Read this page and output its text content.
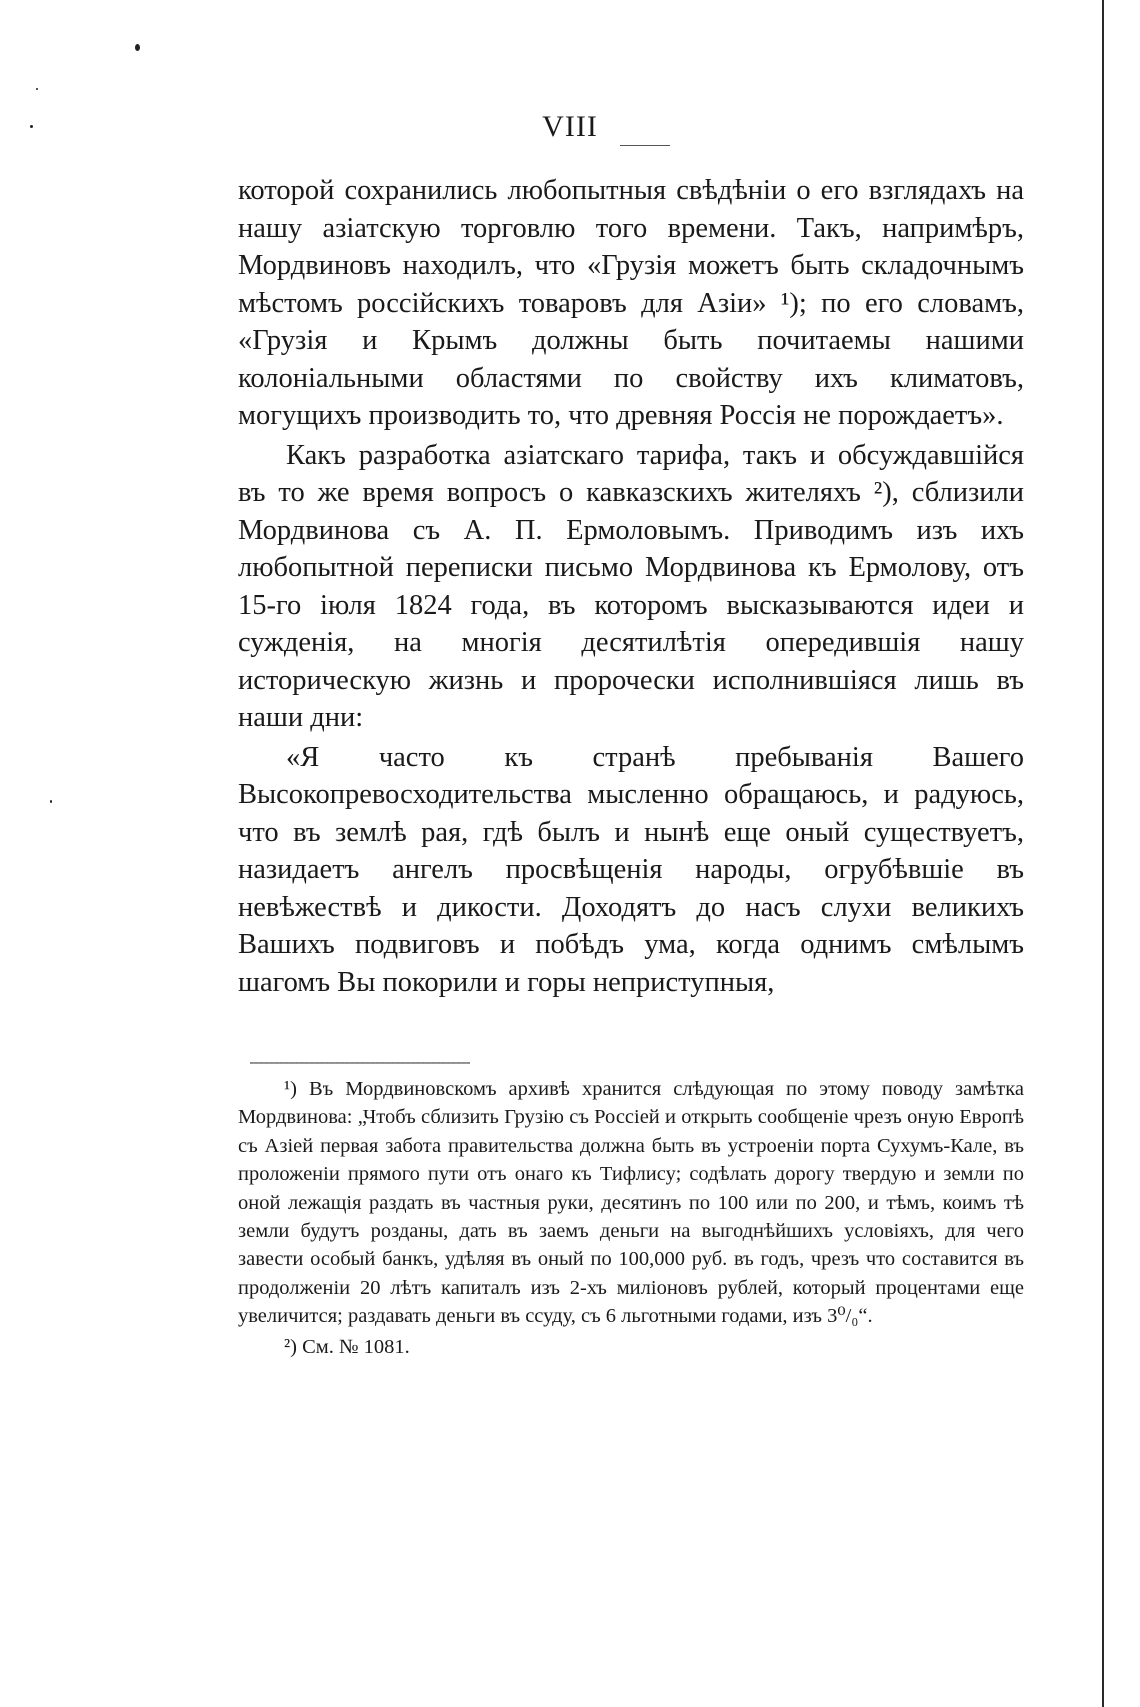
VIII

которой сохранились любопытныя свѣдѣнiи о его взглядахъ на нашу азiатскую торговлю того времени. Такъ, напримѣръ, Мордвиновъ находилъ, что «Грузiя можетъ быть складочнымъ мѣстомъ россiйскихъ товаровъ для Азiи» ¹); по его словамъ, «Грузiя и Крымъ должны быть почитаемы нашими колонiальными областями по свойству ихъ климатовъ, могущихъ производить то, что древняя Россiя не порождаетъ».

Какъ разработка азiатскаго тарифа, такъ и обсуждавшiйся въ то же время вопросъ о кавказскихъ жителяхъ ²), сблизили Мордвинова съ А. П. Ермоловымъ. Приводимъ изъ ихъ любопытной переписки письмо Мордвинова къ Ермолову, отъ 15-го iюля 1824 года, въ которомъ высказываются идеи и сужденiя, на многiя десятилѣтiя опередившiя нашу историческую жизнь и пророчески исполнившiяся лишь въ наши дни:

«Я часто къ странѣ пребыванiя Вашего Высокопревосходительства мысленно обращаюсь, и радуюсь, что въ землѣ рая, гдѣ былъ и нынѣ еще оный существуетъ, назидаетъ ангелъ просвѣщенiя народы, огрубѣвшiе въ невѣжествѣ и дикости. Доходятъ до насъ слухи великихъ Вашихъ подвиговъ и побѣдъ ума, когда однимъ смѣлымъ шагомъ Вы покорили и горы неприступныя,

¹) Въ Мордвиновскомъ архивѣ хранится слѣдующая по этому поводу замѣтка Мордвинова: „Чтобъ сблизить Грузiю съ Россiей и открыть сообщенiе чрезъ оную Европѣ съ Азiей первая забота правительства должна быть въ устроенiи порта Сухумъ-Кале, въ проложенiи прямого пути отъ онаго къ Тифлису; содѣлать дорогу твердую и земли по оной лежащiя раздать въ частныя руки, десятинъ по 100 или по 200, и тѣмъ, коимъ тѣ земли будутъ розданы, дать въ заемъ деньги на выгоднѣйшихъ условiяхъ, для чего завести особый банкъ, удѣляя въ оный по 100,000 руб. въ годъ, чрезъ что составится въ продолженiи 20 лѣтъ капиталъ изъ 2-хъ милiоновъ рублей, который процентами еще увеличится; раздавать деньги въ ссуду, съ 6 льготными годами, изъ 3⁰/₀“.

²) См. № 1081.
